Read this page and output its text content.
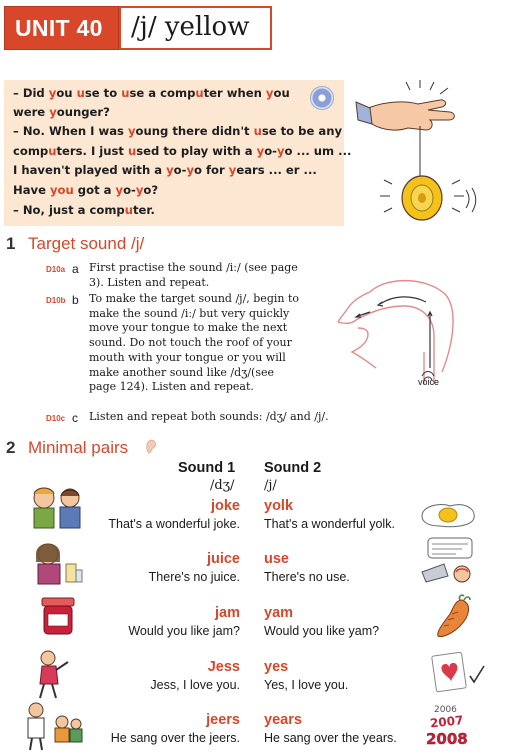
UNIT 40 /j/ yellow
– Did you use to use a computer when you
were younger?
– No. When I was young there didn't use to be any
computers. I just used to play with a yo-yo ... um ...
I haven't played with a yo-yo for years ... er ...
Have you got a yo-yo?
– No, just a computer.
1 Target sound /j/
D10a a First practise the sound /iː/ (see page
3). Listen and repeat.
D10b b To make the target sound /j/, begin to
make the sound /iː/ but very quickly
move your tongue to make the next
sound. Do not touch the roof of your
mouth with your tongue or you will
make another sound like /dʒ/(see
page 124). Listen and repeat.
D10c c Listen and repeat both sounds: /dʒ/ and /j/.
voice
2 Minimal pairs
Sound 1
/dʒ/
Sound 2
/j/
joke
That's a wonderful joke.
yolk
That's a wonderful yolk.
juice
There's no juice.
use
There's no use.
jam
Would you like jam?
yam
Would you like yam?
Jess
Jess, I love you.
yes
Yes, I love you.
jeers
He sang over the jeers.
years
He sang over the years.
2006
2007
2008
